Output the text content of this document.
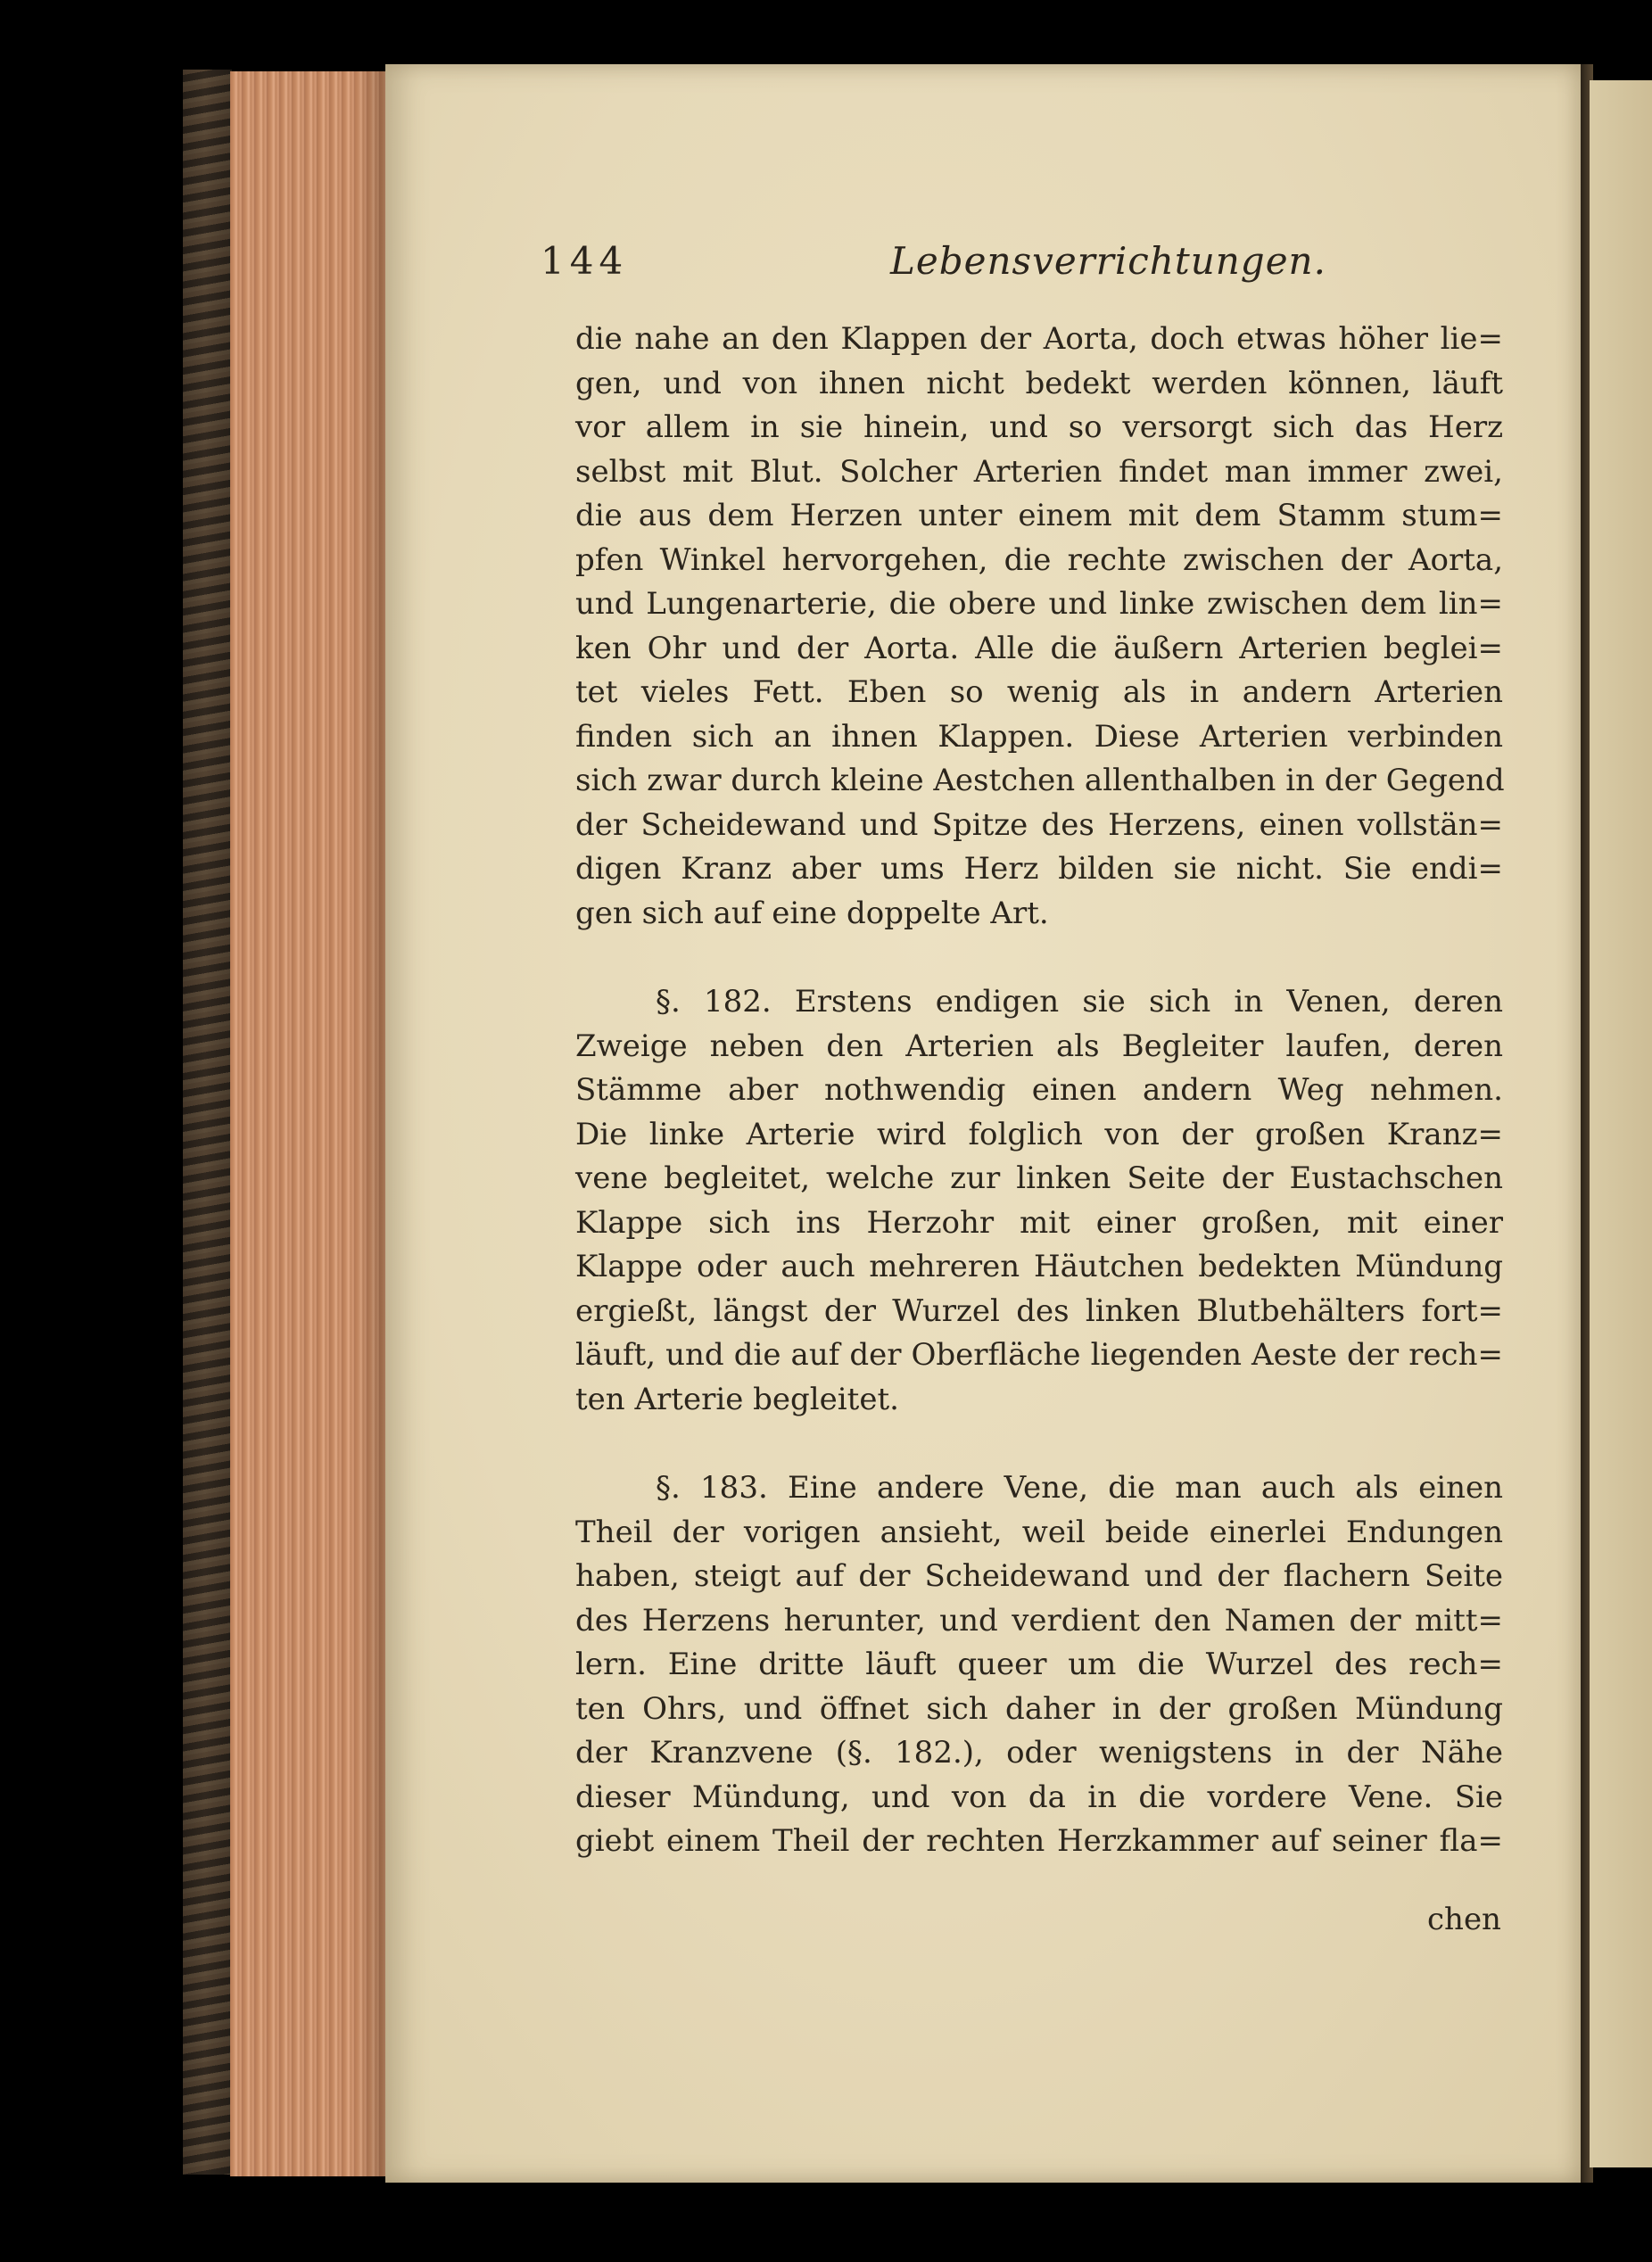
144	Lebensverrichtungen.
die nahe an den Klappen der Aorta, doch etwas höher lie=
gen, und von ihnen nicht bedekt werden können, läuft
vor allem in sie hinein, und so versorgt sich das Herz
selbst mit Blut. Solcher Arterien findet man immer zwei,
die aus dem Herzen unter einem mit dem Stamm stum=
pfen Winkel hervorgehen, die rechte zwischen der Aorta,
und Lungenarterie, die obere und linke zwischen dem lin=
ken Ohr und der Aorta. Alle die äußern Arterien beglei=
tet vieles Fett. Eben so wenig als in andern Arterien
finden sich an ihnen Klappen. Diese Arterien verbinden
sich zwar durch kleine Aestchen allenthalben in der Gegend
der Scheidewand und Spitze des Herzens, einen vollstän=
digen Kranz aber ums Herz bilden sie nicht. Sie endi=
gen sich auf eine doppelte Art.
§. 182. Erstens endigen sie sich in Venen, deren
Zweige neben den Arterien als Begleiter laufen, deren
Stämme aber nothwendig einen andern Weg nehmen.
Die linke Arterie wird folglich von der großen Kranz=
vene begleitet, welche zur linken Seite der Eustachschen
Klappe sich ins Herzohr mit einer großen, mit einer
Klappe oder auch mehreren Häutchen bedekten Mündung
ergießt, längst der Wurzel des linken Blutbehälters fort=
läuft, und die auf der Oberfläche liegenden Aeste der rech=
ten Arterie begleitet.
§. 183. Eine andere Vene, die man auch als einen
Theil der vorigen ansieht, weil beide einerlei Endungen
haben, steigt auf der Scheidewand und der flachern Seite
des Herzens herunter, und verdient den Namen der mitt=
lern. Eine dritte läuft queer um die Wurzel des rech=
ten Ohrs, und öffnet sich daher in der großen Mündung
der Kranzvene (§. 182.), oder wenigstens in der Nähe
dieser Mündung, und von da in die vordere Vene. Sie
giebt einem Theil der rechten Herzkammer auf seiner fla=
chen
